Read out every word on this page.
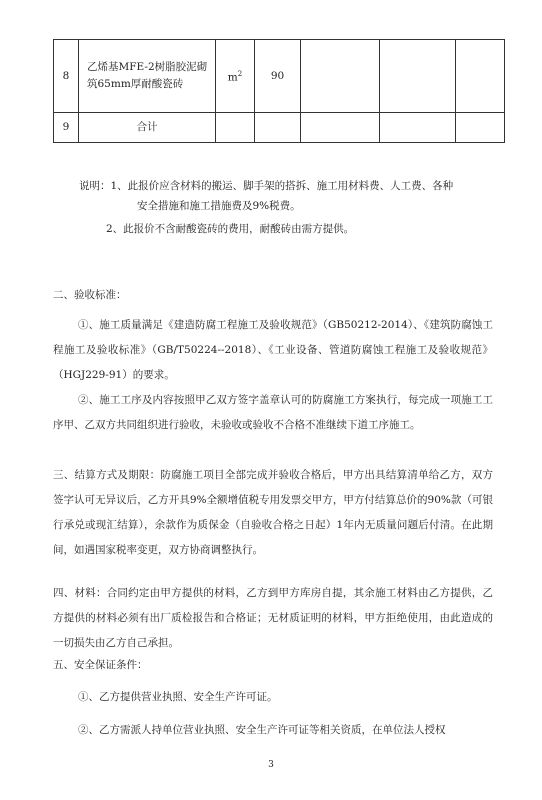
8	乙烯基MFE-2树脂胶泥砌筑65mm厚耐酸瓷砖	$m^2$	90			
9	合计					
说明：1、此报价应含材料的搬运、脚手架的搭拆、施工用材料费、人工费、各种
安全措施和施工措施费及9%税费。
2、此报价不含耐酸瓷砖的费用，耐酸砖由需方提供。
二、验收标准：
①、施工质量满足《建造防腐工程施工及验收规范》（GB50212-2014）、《建筑防腐蚀工程施工及验收标准》（GB/T50224--2018）、《工业设备、管道防腐蚀工程施工及验收规范》（HGJ229-91）的要求。
②、施工工序及内容按照甲乙双方签字盖章认可的防腐施工方案执行，每完成一项施工工序甲、乙双方共同组织进行验收，未验收或验收不合格不准继续下道工序施工。
三、结算方式及期限：防腐施工项目全部完成并验收合格后，甲方出具结算清单给乙方，双方签字认可无异议后，乙方开具9%全额增值税专用发票交甲方，甲方付结算总价的90%款（可银行承兑或现汇结算），余款作为质保金（自验收合格之日起）1年内无质量问题后付清。在此期间，如遇国家税率变更，双方协商调整执行。
四、材料：合同约定由甲方提供的材料，乙方到甲方库房自提，其余施工材料由乙方提供，乙方提供的材料必须有出厂质检报告和合格证；无材质证明的材料，甲方拒绝使用，由此造成的一切损失由乙方自己承担。
五、安全保证条件：
①、乙方提供营业执照、安全生产许可证。
②、乙方需派人持单位营业执照、安全生产许可证等相关资质，在单位法人授权
3
